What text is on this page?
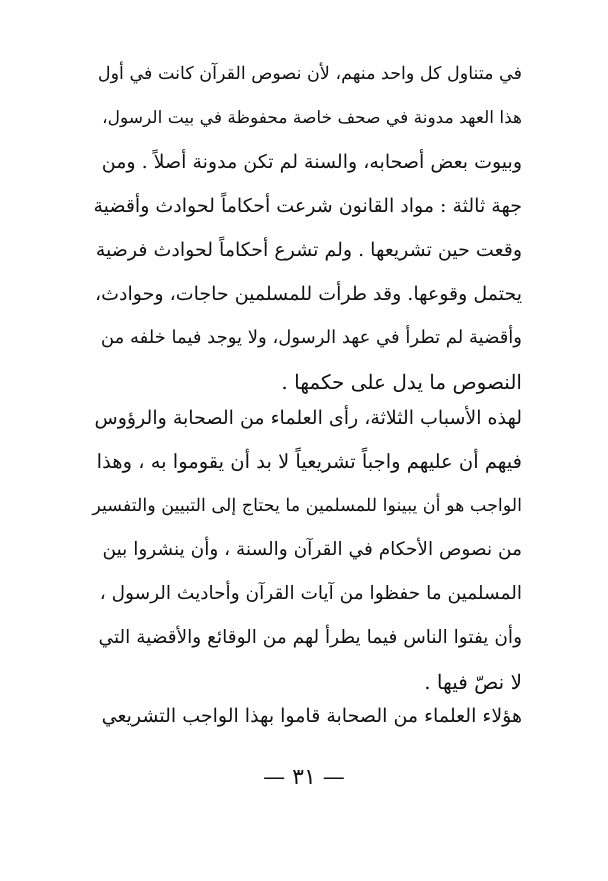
في متناول كل واحد منهم، لأن نصوص القرآن كانت في أول
هذا العهد مدونة في صحف خاصة محفوظة في بيت الرسول،
وبيوت بعض أصحابه، والسنة لم تكن مدونة أصلاً . ومن
جهة ثالثة : مواد القانون شرعت أحكاماً لحوادث وأقضية
وقعت حين تشريعها . ولم تشرع أحكاماً لحوادث فرضية
يحتمل وقوعها. وقد طرأت للمسلمين حاجات، وحوادث،
وأقضية لم تطرأ في عهد الرسول، ولا يوجد فيما خلفه من
النصوص ما يدل على حكمها .
لهذه الأسباب الثلاثة، رأى العلماء من الصحابة والرؤوس
فيهم أن عليهم واجباً تشريعياً لا بد أن يقوموا به ، وهذا
الواجب هو أن يبينوا للمسلمين ما يحتاج إلى التبيين والتفسير
من نصوص الأحكام في القرآن والسنة ، وأن ينشروا بين
المسلمين ما حفظوا من آيات القرآن وأحاديث الرسول ،
وأن يفتوا الناس فيما يطرأ لهم من الوقائع والأقضية التي
لا نصّ فيها .
هؤلاء العلماء من الصحابة قاموا بهذا الواجب التشريعي
— ٣١ —
